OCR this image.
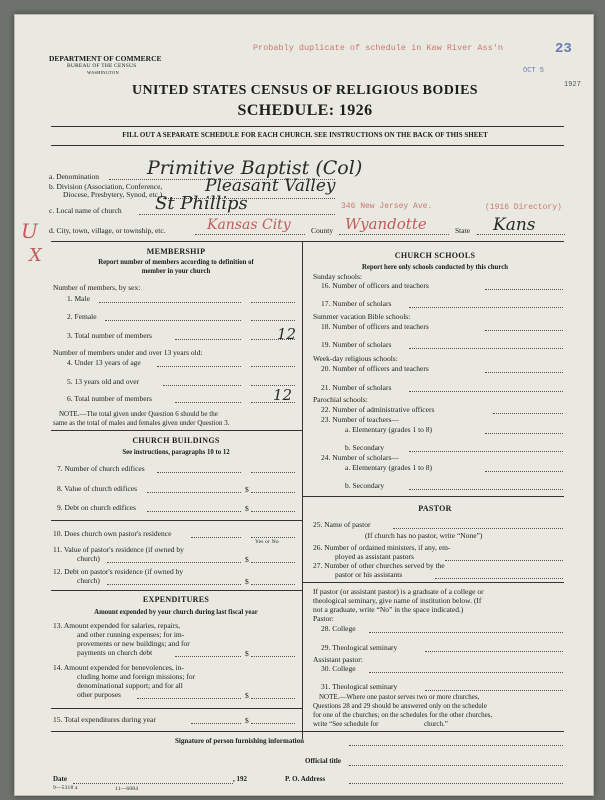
DEPARTMENT OF COMMERCE
BUREAU OF THE CENSUS
WASHINGTON
Probably duplicate of schedule in Kaw River Ass'n	23
OCT 5
1927
UNITED STATES CENSUS OF RELIGIOUS BODIES
SCHEDULE: 1926
FILL OUT A SEPARATE SCHEDULE FOR EACH CHURCH. SEE INSTRUCTIONS ON THE BACK OF THIS SHEET
a. Denomination	Primitive Baptist (Col)
b. Division (Association, Conference,
Diocese, Presbytery, Synod, etc.)	Pleasant Valley
c. Local name of church St Phillips	346 New Jersey Ave.	(1916 Directory)
d. City, town, village, or township, etc.	Kansas City	County Wyandotte	State Kans
U
X	MEMBERSHIP
Report number of members according to definition of
member in your church
Number of members, by sex:
1. Male
2. Female
3. Total number of members	12
Number of members under and over 13 years old:
4. Under 13 years of age
5. 13 years old and over
6. Total number of members	12
NOTE.—The total given under Question 6 should be the
same as the total of males and females given under Question 3.
CHURCH BUILDINGS
See instructions, paragraphs 10 to 12
7. Number of church edifices
8. Value of church edifices	$
9. Debt on church edifices	$
10. Does church own pastor's residence
Yes or No
11. Value of pastor's residence (if owned by
church)	$
12. Debt on pastor's residence (if owned by
church)	$
EXPENDITURES
Amount expended by your church during last fiscal year
13. Amount expended for salaries, repairs,
and other running expenses; for im-
provements or new buildings; and for
payments on church debt	$
14. Amount expended for benevolences, in-
cluding home and foreign missions; for
denominational support; and for all
other purposes	$
15. Total expenditures during year	$
CHURCH SCHOOLS
Report here only schools conducted by this church
Sunday schools:
16. Number of officers and teachers
17. Number of scholars
Summer vacation Bible schools:
18. Number of officers and teachers
19. Number of scholars
Week-day religious schools:
20. Number of officers and teachers
21. Number of scholars
Parochial schools:
22. Number of administrative officers
23. Number of teachers—
a. Elementary (grades 1 to 8)
b. Secondary
24. Number of scholars—
a. Elementary (grades 1 to 8)
b. Secondary
PASTOR
25. Name of pastor
(If church has no pastor, write “None”)
26. Number of ordained ministers, if any, em-
ployed as assistant pastors
27. Number of other churches served by the
pastor or his assistants
If pastor (or assistant pastor) is a graduate of a college or
theological seminary, give name of institution below. (If
not a graduate, write “No” in the space indicated.)
Pastor:
28. College
29. Theological seminary
Assistant pastor:
30. College
31. Theological seminary
NOTE.—Where one pastor serves two or more churches,
Questions 28 and 29 should be answered only on the schedule
for one of the churches; on the schedules for the other churches,
write “See schedule for                          church.”
Signature of person furnishing information
Official title
Date	, 192	P. O. Address
9—5318 a	11—6084
